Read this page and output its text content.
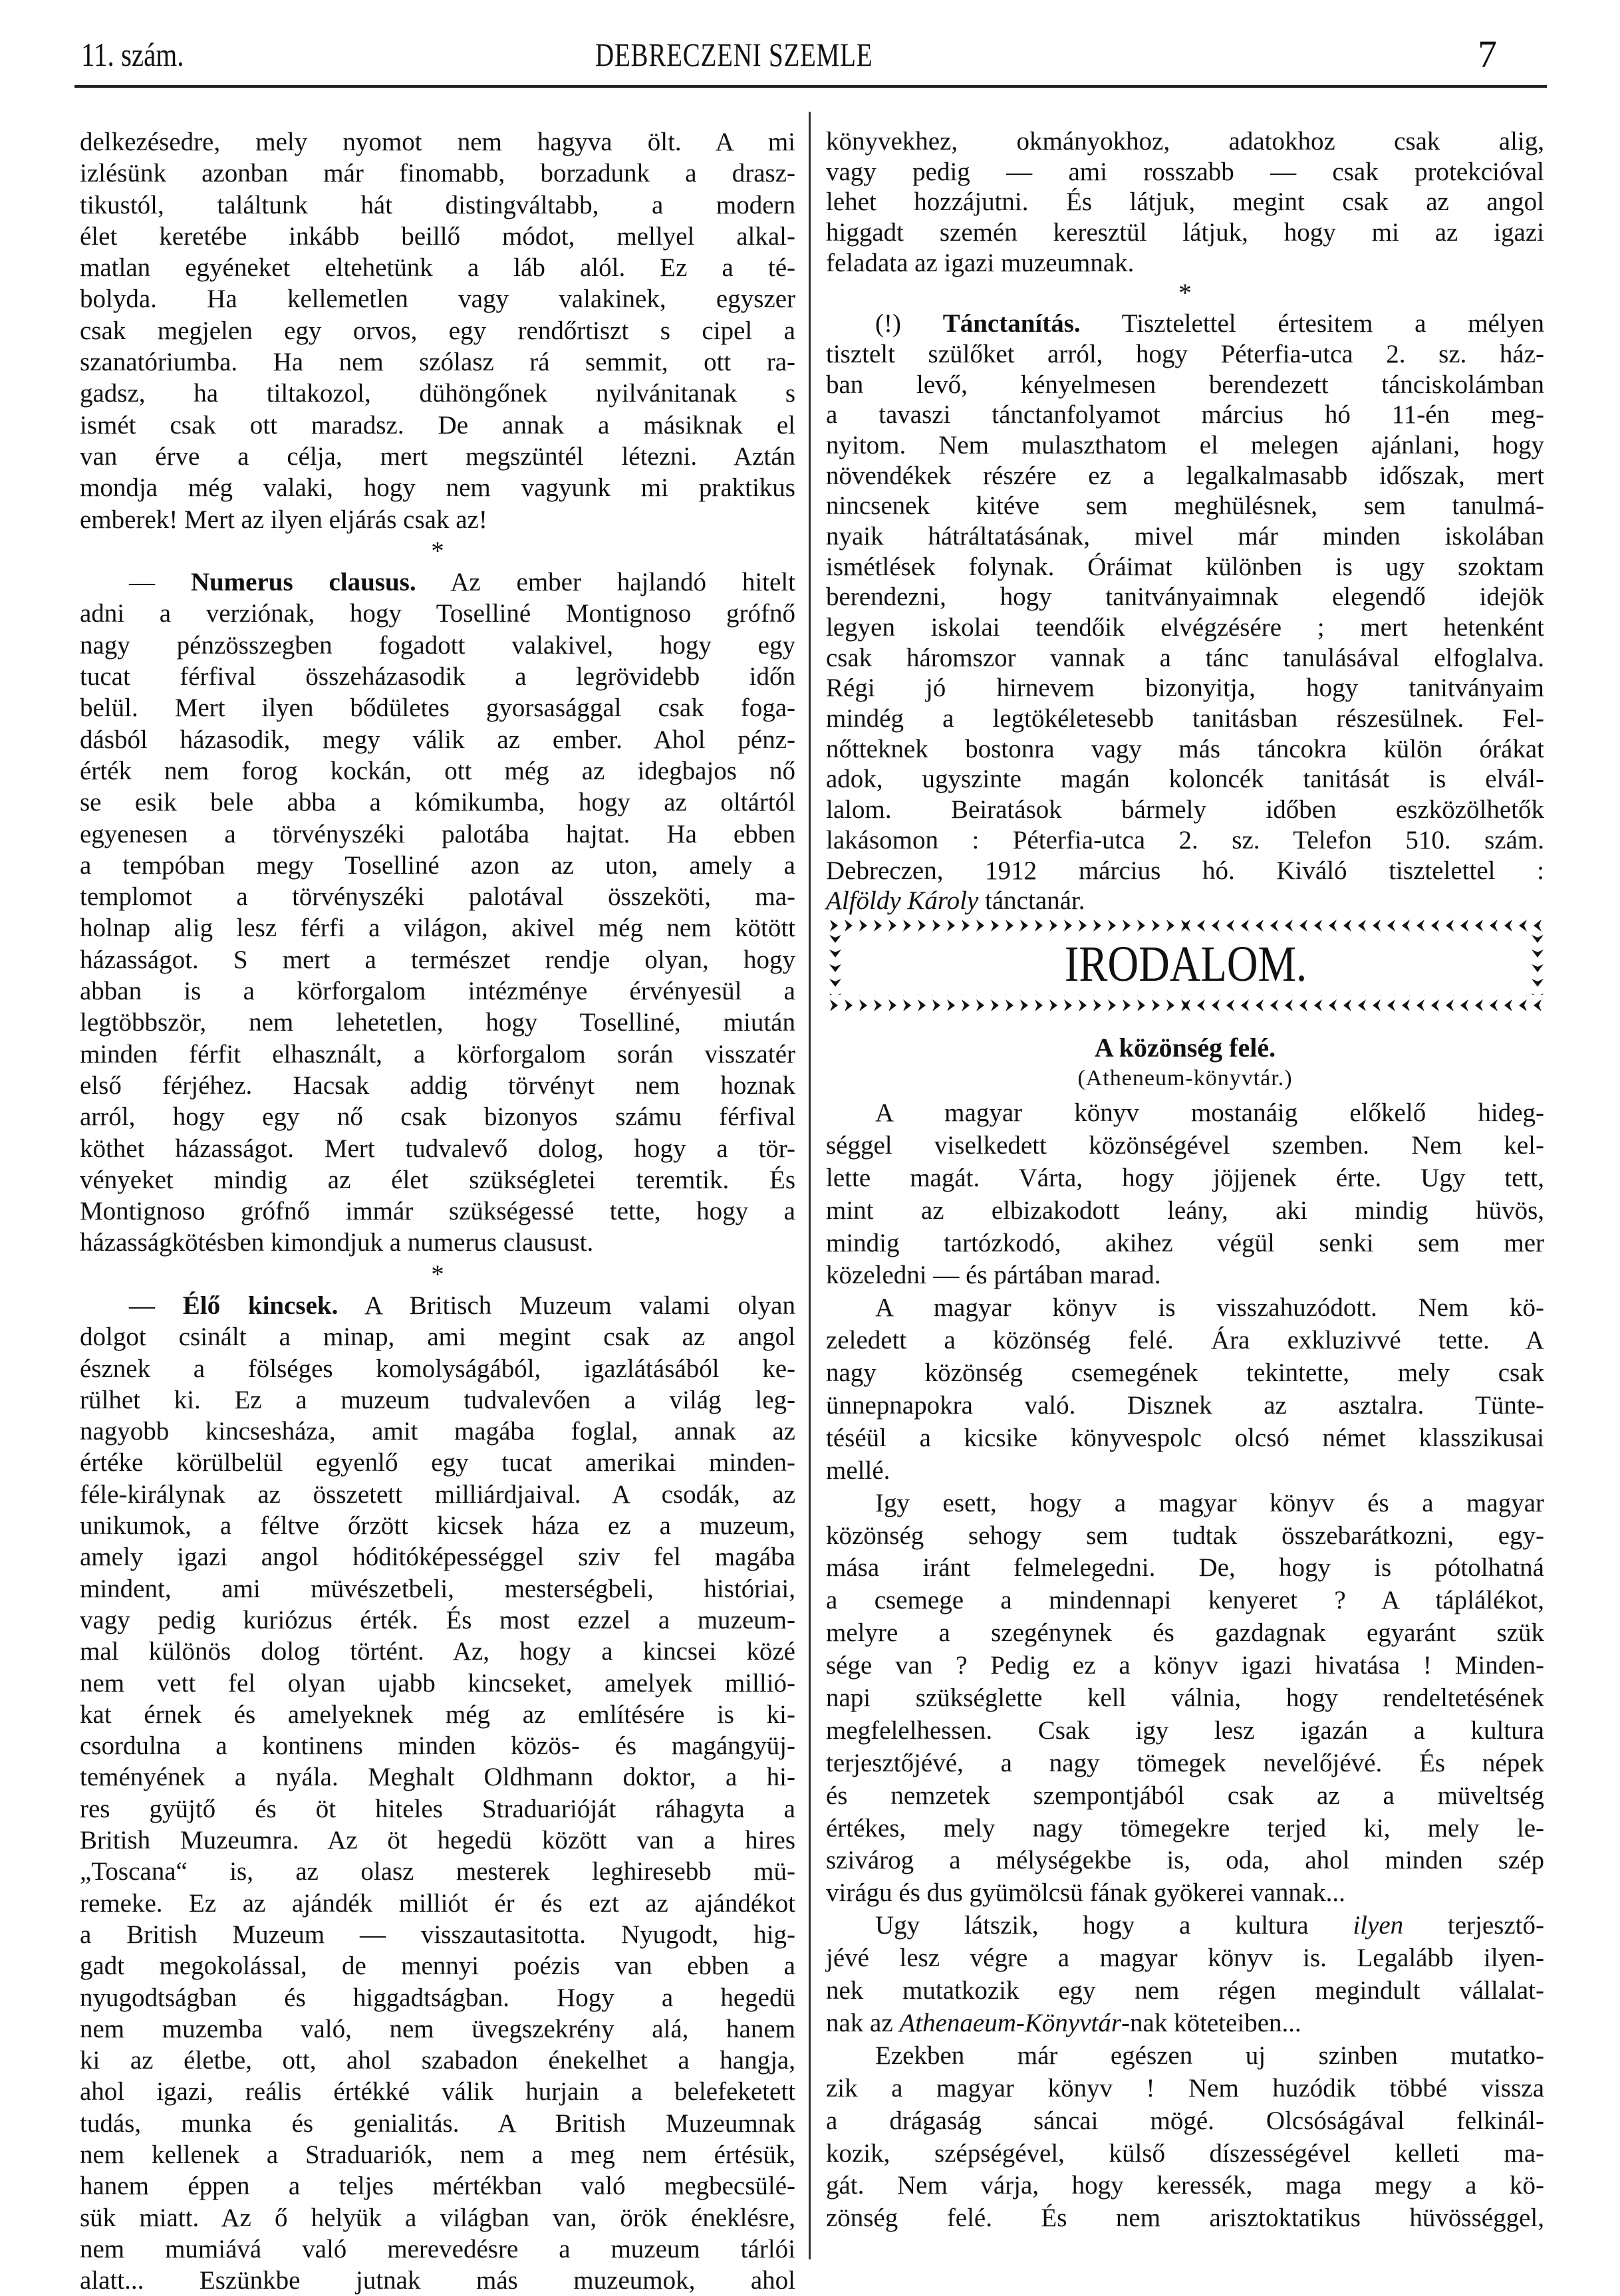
11. szám.	DEBRECZENI SZEMLE	7
delkezésedre, mely nyomot nem hagyva ölt. A mi
izlésünk azonban már finomabb, borzadunk a drasz-
tikustól, találtunk hát distingváltabb, a modern
élet keretébe inkább beillő módot, mellyel alkal-
matlan egyéneket eltehetünk a láb alól. Ez a té-
bolyda. Ha kellemetlen vagy valakinek, egyszer
csak megjelen egy orvos, egy rendőrtiszt s cipel a
szanatóriumba. Ha nem szólasz rá semmit, ott ra-
gadsz, ha tiltakozol, dühöngőnek nyilvánitanak s
ismét csak ott maradsz. De annak a másiknak el
van érve a célja, mert megszüntél létezni. Aztán
mondja még valaki, hogy nem vagyunk mi praktikus
emberek! Mert az ilyen eljárás csak az!
*
— Numerus clausus. Az ember hajlandó hitelt
adni a verziónak, hogy Toselliné Montignoso grófnő
nagy pénzösszegben fogadott valakivel, hogy egy
tucat férfival összeházasodik a legrövidebb időn
belül. Mert ilyen bődületes gyorsasággal csak foga-
dásból házasodik, megy válik az ember. Ahol pénz-
érték nem forog kockán, ott még az idegbajos nő
se esik bele abba a kómikumba, hogy az oltártól
egyenesen a törvényszéki palotába hajtat. Ha ebben
a tempóban megy Toselliné azon az uton, amely a
templomot a törvényszéki palotával összeköti, ma-
holnap alig lesz férfi a világon, akivel még nem kötött
házasságot. S mert a természet rendje olyan, hogy
abban is a körforgalom intézménye érvényesül a
legtöbbször, nem lehetetlen, hogy Toselliné, miután
minden férfit elhasznált, a körforgalom során visszatér
első férjéhez. Hacsak addig törvényt nem hoznak
arról, hogy egy nő csak bizonyos számu férfival
köthet házasságot. Mert tudvalevő dolog, hogy a tör-
vényeket mindig az élet szükségletei teremtik. És
Montignoso grófnő immár szükségessé tette, hogy a
házasságkötésben kimondjuk a numerus clausust.
*
— Élő kincsek. A Britisch Muzeum valami olyan
dolgot csinált a minap, ami megint csak az angol
észnek a fölséges komolyságából, igazlátásából ke-
rülhet ki. Ez a muzeum tudvalevően a világ leg-
nagyobb kincsesháza, amit magába foglal, annak az
értéke körülbelül egyenlő egy tucat amerikai minden-
féle-királynak az összetett milliárdjaival. A csodák, az
unikumok, a féltve őrzött kicsek háza ez a muzeum,
amely igazi angol hóditóképességgel sziv fel magába
mindent, ami müvészetbeli, mesterségbeli, históriai,
vagy pedig kuriózus érték. És most ezzel a muzeum-
mal különös dolog történt. Az, hogy a kincsei közé
nem vett fel olyan ujabb kincseket, amelyek millió-
kat érnek és amelyeknek még az említésére is ki-
csordulna a kontinens minden közös- és magángyüj-
teményének a nyála. Meghalt Oldhmann doktor, a hi-
res gyüjtő és öt hiteles Straduarióját ráhagyta a
British Muzeumra. Az öt hegedü között van a hires
„Toscana“ is, az olasz mesterek leghiresebb mü-
remeke. Ez az ajándék milliót ér és ezt az ajándékot
a British Muzeum — visszautasitotta. Nyugodt, hig-
gadt megokolással, de mennyi poézis van ebben a
nyugodtságban és higgadtságban. Hogy a hegedü
nem muzemba való, nem üvegszekrény alá, hanem
ki az életbe, ott, ahol szabadon énekelhet a hangja,
ahol igazi, reális értékké válik hurjain a belefeketett
tudás, munka és genialitás. A British Muzeumnak
nem kellenek a Straduariók, nem a meg nem értésük,
hanem éppen a teljes mértékban való megbecsülé-
sük miatt. Az ő helyük a világban van, örök éneklésre,
nem mumiává való merevedésre a muzeum tárlói
alatt... Eszünkbe jutnak más muzeumok, ahol
könyvekhez, okmányokhoz, adatokhoz csak alig,
vagy pedig — ami rosszabb — csak protekcióval
lehet hozzájutni. És látjuk, megint csak az angol
higgadt szemén keresztül látjuk, hogy mi az igazi
feladata az igazi muzeumnak.
*
(!) Tánctanítás. Tisztelettel értesitem a mélyen
tisztelt szülőket arról, hogy Péterfia-utca 2. sz. ház-
ban levő, kényelmesen berendezett tánciskolámban
a tavaszi tánctanfolyamot március hó 11-én meg-
nyitom. Nem mulaszthatom el melegen ajánlani, hogy
növendékek részére ez a legalkalmasabb időszak, mert
nincsenek kitéve sem meghülésnek, sem tanulmá-
nyaik hátráltatásának, mivel már minden iskolában
ismétlések folynak. Óráimat különben is ugy szoktam
berendezni, hogy tanitványaimnak elegendő idejök
legyen iskolai teendőik elvégzésére ; mert hetenként
csak háromszor vannak a tánc tanulásával elfoglalva.
Régi jó hirnevem bizonyitja, hogy tanitványaim
mindég a legtökéletesebb tanitásban részesülnek. Fel-
nőtteknek bostonra vagy más táncokra külön órákat
adok, ugyszinte magán koloncék tanitását is elvál-
lalom. Beiratások bármely időben eszközölhetők
lakásomon : Péterfia-utca 2. sz. Telefon 510. szám.
Debreczen, 1912 március hó. Kiváló tisztelettel :
Alföldy Károly tánctanár.
IRODALOM.
A közönség felé.
(Atheneum-könyvtár.)
A magyar könyv mostanáig előkelő hideg-
séggel viselkedett közönségével szemben. Nem kel-
lette magát. Várta, hogy jöjjenek érte. Ugy tett,
mint az elbizakodott leány, aki mindig hüvös,
mindig tartózkodó, akihez végül senki sem mer
közeledni — és pártában marad.
A magyar könyv is visszahuzódott. Nem kö-
zeledett a közönség felé. Ára exkluzivvé tette. A
nagy közönség csemegének tekintette, mely csak
ünnepnapokra való. Disznek az asztalra. Tünte-
téséül a kicsike könyvespolc olcsó német klasszikusai
mellé.
Igy esett, hogy a magyar könyv és a magyar
közönség sehogy sem tudtak összebarátkozni, egy-
mása iránt felmelegedni. De, hogy is pótolhatná
a csemege a mindennapi kenyeret ? A táplálékot,
melyre a szegénynek és gazdagnak egyaránt szük
sége van ? Pedig ez a könyv igazi hivatása ! Minden-
napi szükséglette kell válnia, hogy rendeltetésének
megfelelhessen. Csak igy lesz igazán a kultura
terjesztőjévé, a nagy tömegek nevelőjévé. És népek
és nemzetek szempontjából csak az a müveltség
értékes, mely nagy tömegekre terjed ki, mely le-
szivárog a mélységekbe is, oda, ahol minden szép
virágu és dus gyümölcsü fának gyökerei vannak...
Ugy látszik, hogy a kultura ilyen terjesztő-
jévé lesz végre a magyar könyv is. Legalább ilyen-
nek mutatkozik egy nem régen megindult vállalat-
nak az Athenaeum-Könyvtár-nak köteteiben...
Ezekben már egészen uj szinben mutatko-
zik a magyar könyv ! Nem huzódik többé vissza
a drágaság sáncai mögé. Olcsóságával felkinál-
kozik, szépségével, külső díszességével kelleti ma-
gát. Nem várja, hogy keressék, maga megy a kö-
zönség felé. És nem arisztoktatikus hüvösséggel,
